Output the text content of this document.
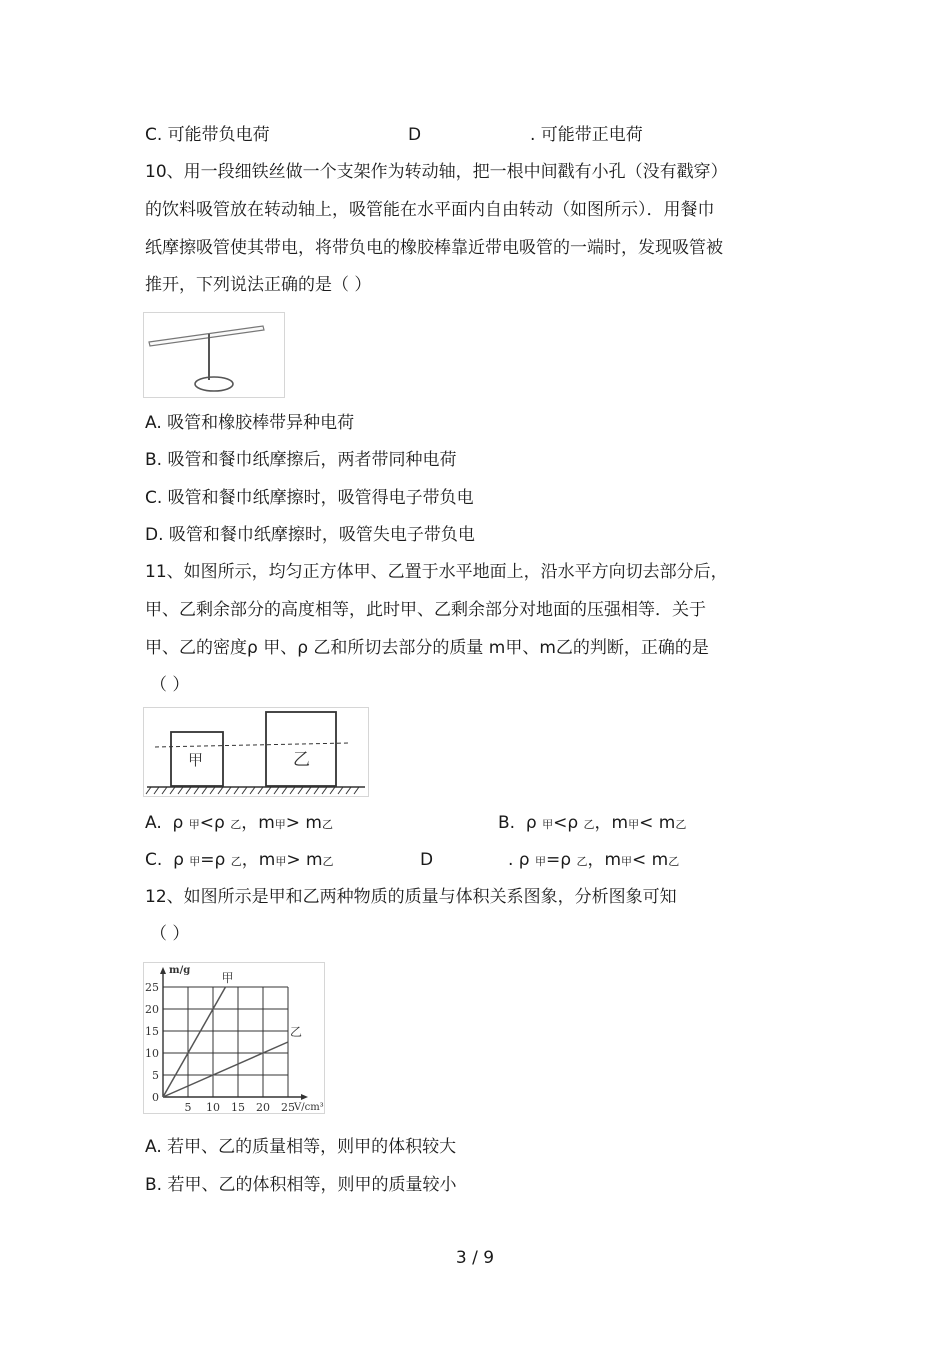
C. 可能带负电荷	D	. 可能带正电荷
10、用一段细铁丝做一个支架作为转动轴，把一根中间戳有小孔（没有戳穿）
的饮料吸管放在转动轴上，吸管能在水平面内自由转动（如图所示）．用餐巾
纸摩擦吸管使其带电，将带负电的橡胶棒靠近带电吸管的一端时，发现吸管被
推开，下列说法正确的是（ ）
A. 吸管和橡胶棒带异种电荷
B. 吸管和餐巾纸摩擦后，两者带同种电荷
C. 吸管和餐巾纸摩擦时，吸管得电子带负电
D. 吸管和餐巾纸摩擦时，吸管失电子带负电
11、如图所示，均匀正方体甲、乙置于水平地面上，沿水平方向切去部分后，
甲、乙剩余部分的高度相等，此时甲、乙剩余部分对地面的压强相等．关于
甲、乙的密度ρ 甲、ρ 乙和所切去部分的质量 m甲、m乙的判断，正确的是
（ ）
甲	乙
A. ρ 甲<ρ 乙，m甲> m乙	B. ρ 甲<ρ 乙，m甲< m乙
C. ρ 甲=ρ 乙，m甲> m乙	D	. ρ 甲=ρ 乙，m甲< m乙
12、如图所示是甲和乙两种物质的质量与体积关系图象，分析图象可知
（ ）
甲
乙
5 10 15 20 25
0
5
10
15
20
25
m/g
V/cm³
A. 若甲、乙的质量相等，则甲的体积较大
B. 若甲、乙的体积相等，则甲的质量较小
3 / 9
